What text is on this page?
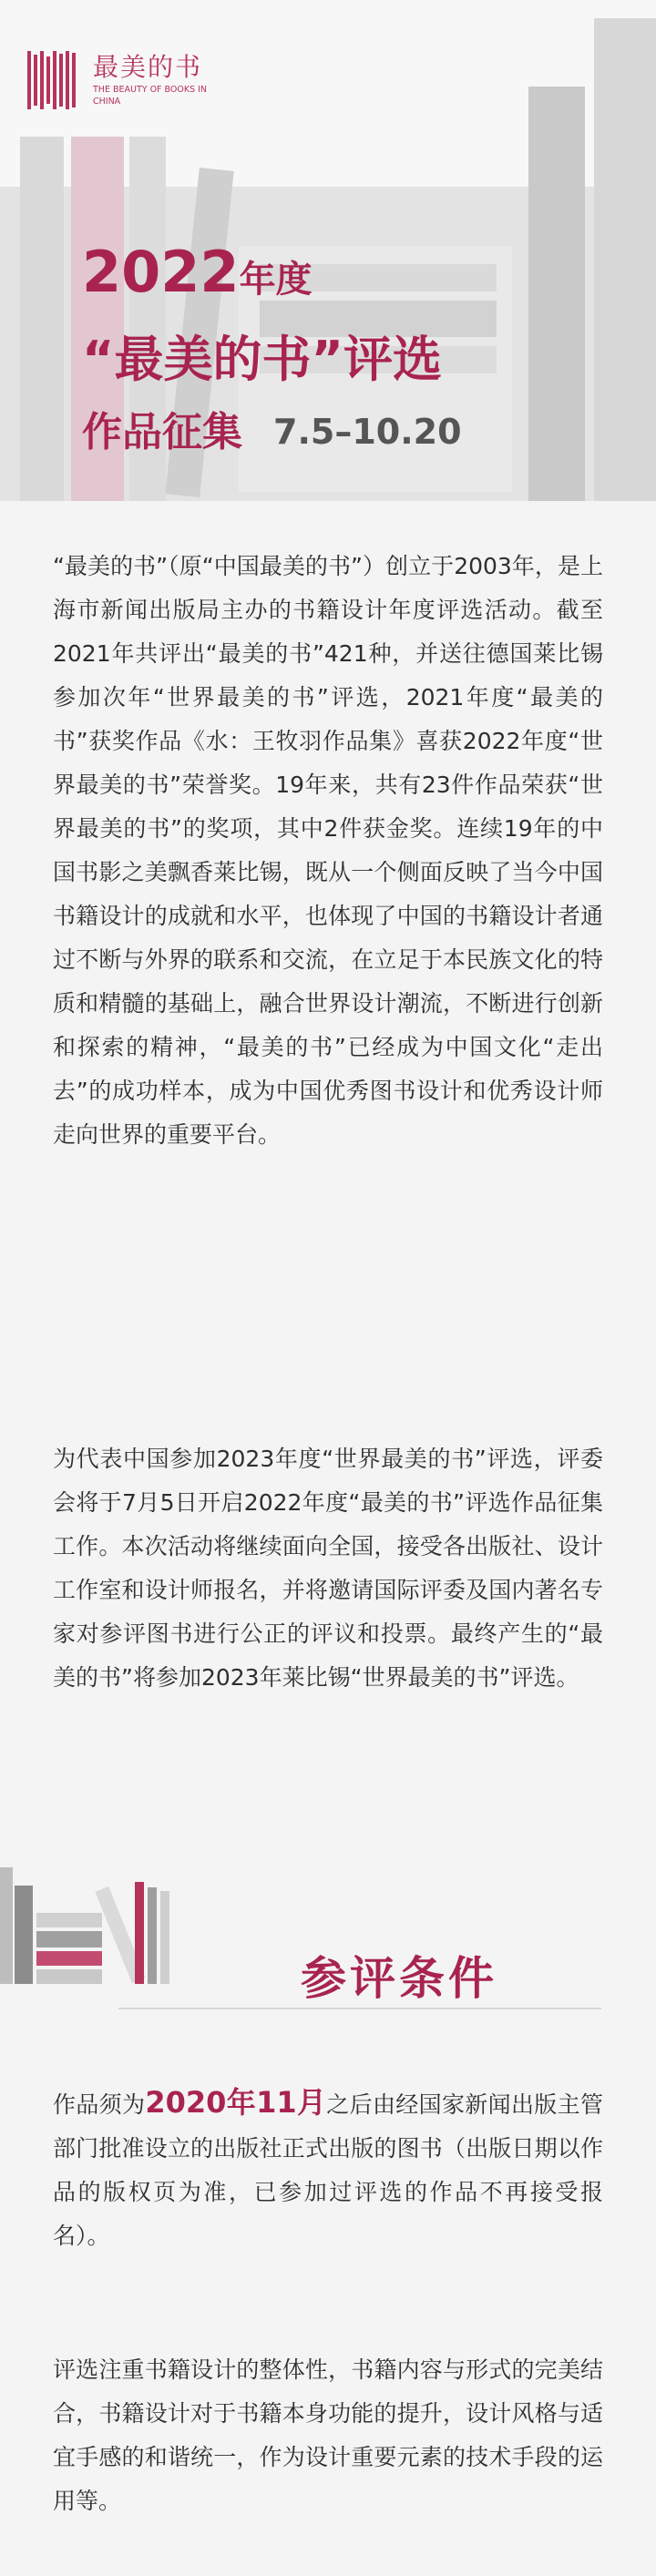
最美的书
THE BEAUTY OF BOOKS IN CHINA
2022年度
“最美的书”评选
作品征集 7.5–10.20

“最美的书”（原“中国最美的书”）创立于2003年，是上海市新闻出版局主办的书籍设计年度评选活动。截至2021年共评出“最美的书”421种，并送往德国莱比锡参加次年“世界最美的书”评选，2021年度“最美的书”获奖作品《水：王牧羽作品集》喜获2022年度“世界最美的书”荣誉奖。19年来，共有23件作品荣获“世界最美的书”的奖项，其中2件获金奖。连续19年的中国书影之美飘香莱比锡，既从一个侧面反映了当今中国书籍设计的成就和水平，也体现了中国的书籍设计者通过不断与外界的联系和交流，在立足于本民族文化的特质和精髓的基础上，融合世界设计潮流，不断进行创新和探索的精神，“最美的书”已经成为中国文化“走出去”的成功样本，成为中国优秀图书设计和优秀设计师走向世界的重要平台。

为代表中国参加2023年度“世界最美的书”评选，评委会将于7月5日开启2022年度“最美的书”评选作品征集工作。本次活动将继续面向全国，接受各出版社、设计工作室和设计师报名，并将邀请国际评委及国内著名专家对参评图书进行公正的评议和投票。最终产生的“最美的书”将参加2023年莱比锡“世界最美的书”评选。

参评条件

作品须为2020年11月之后由经国家新闻出版主管部门批准设立的出版社正式出版的图书（出版日期以作品的版权页为准，已参加过评选的作品不再接受报名）。

评选注重书籍设计的整体性，书籍内容与形式的完美结合，书籍设计对于书籍本身功能的提升，设计风格与适宜手感的和谐统一，作为设计重要元素的技术手段的运用等。
